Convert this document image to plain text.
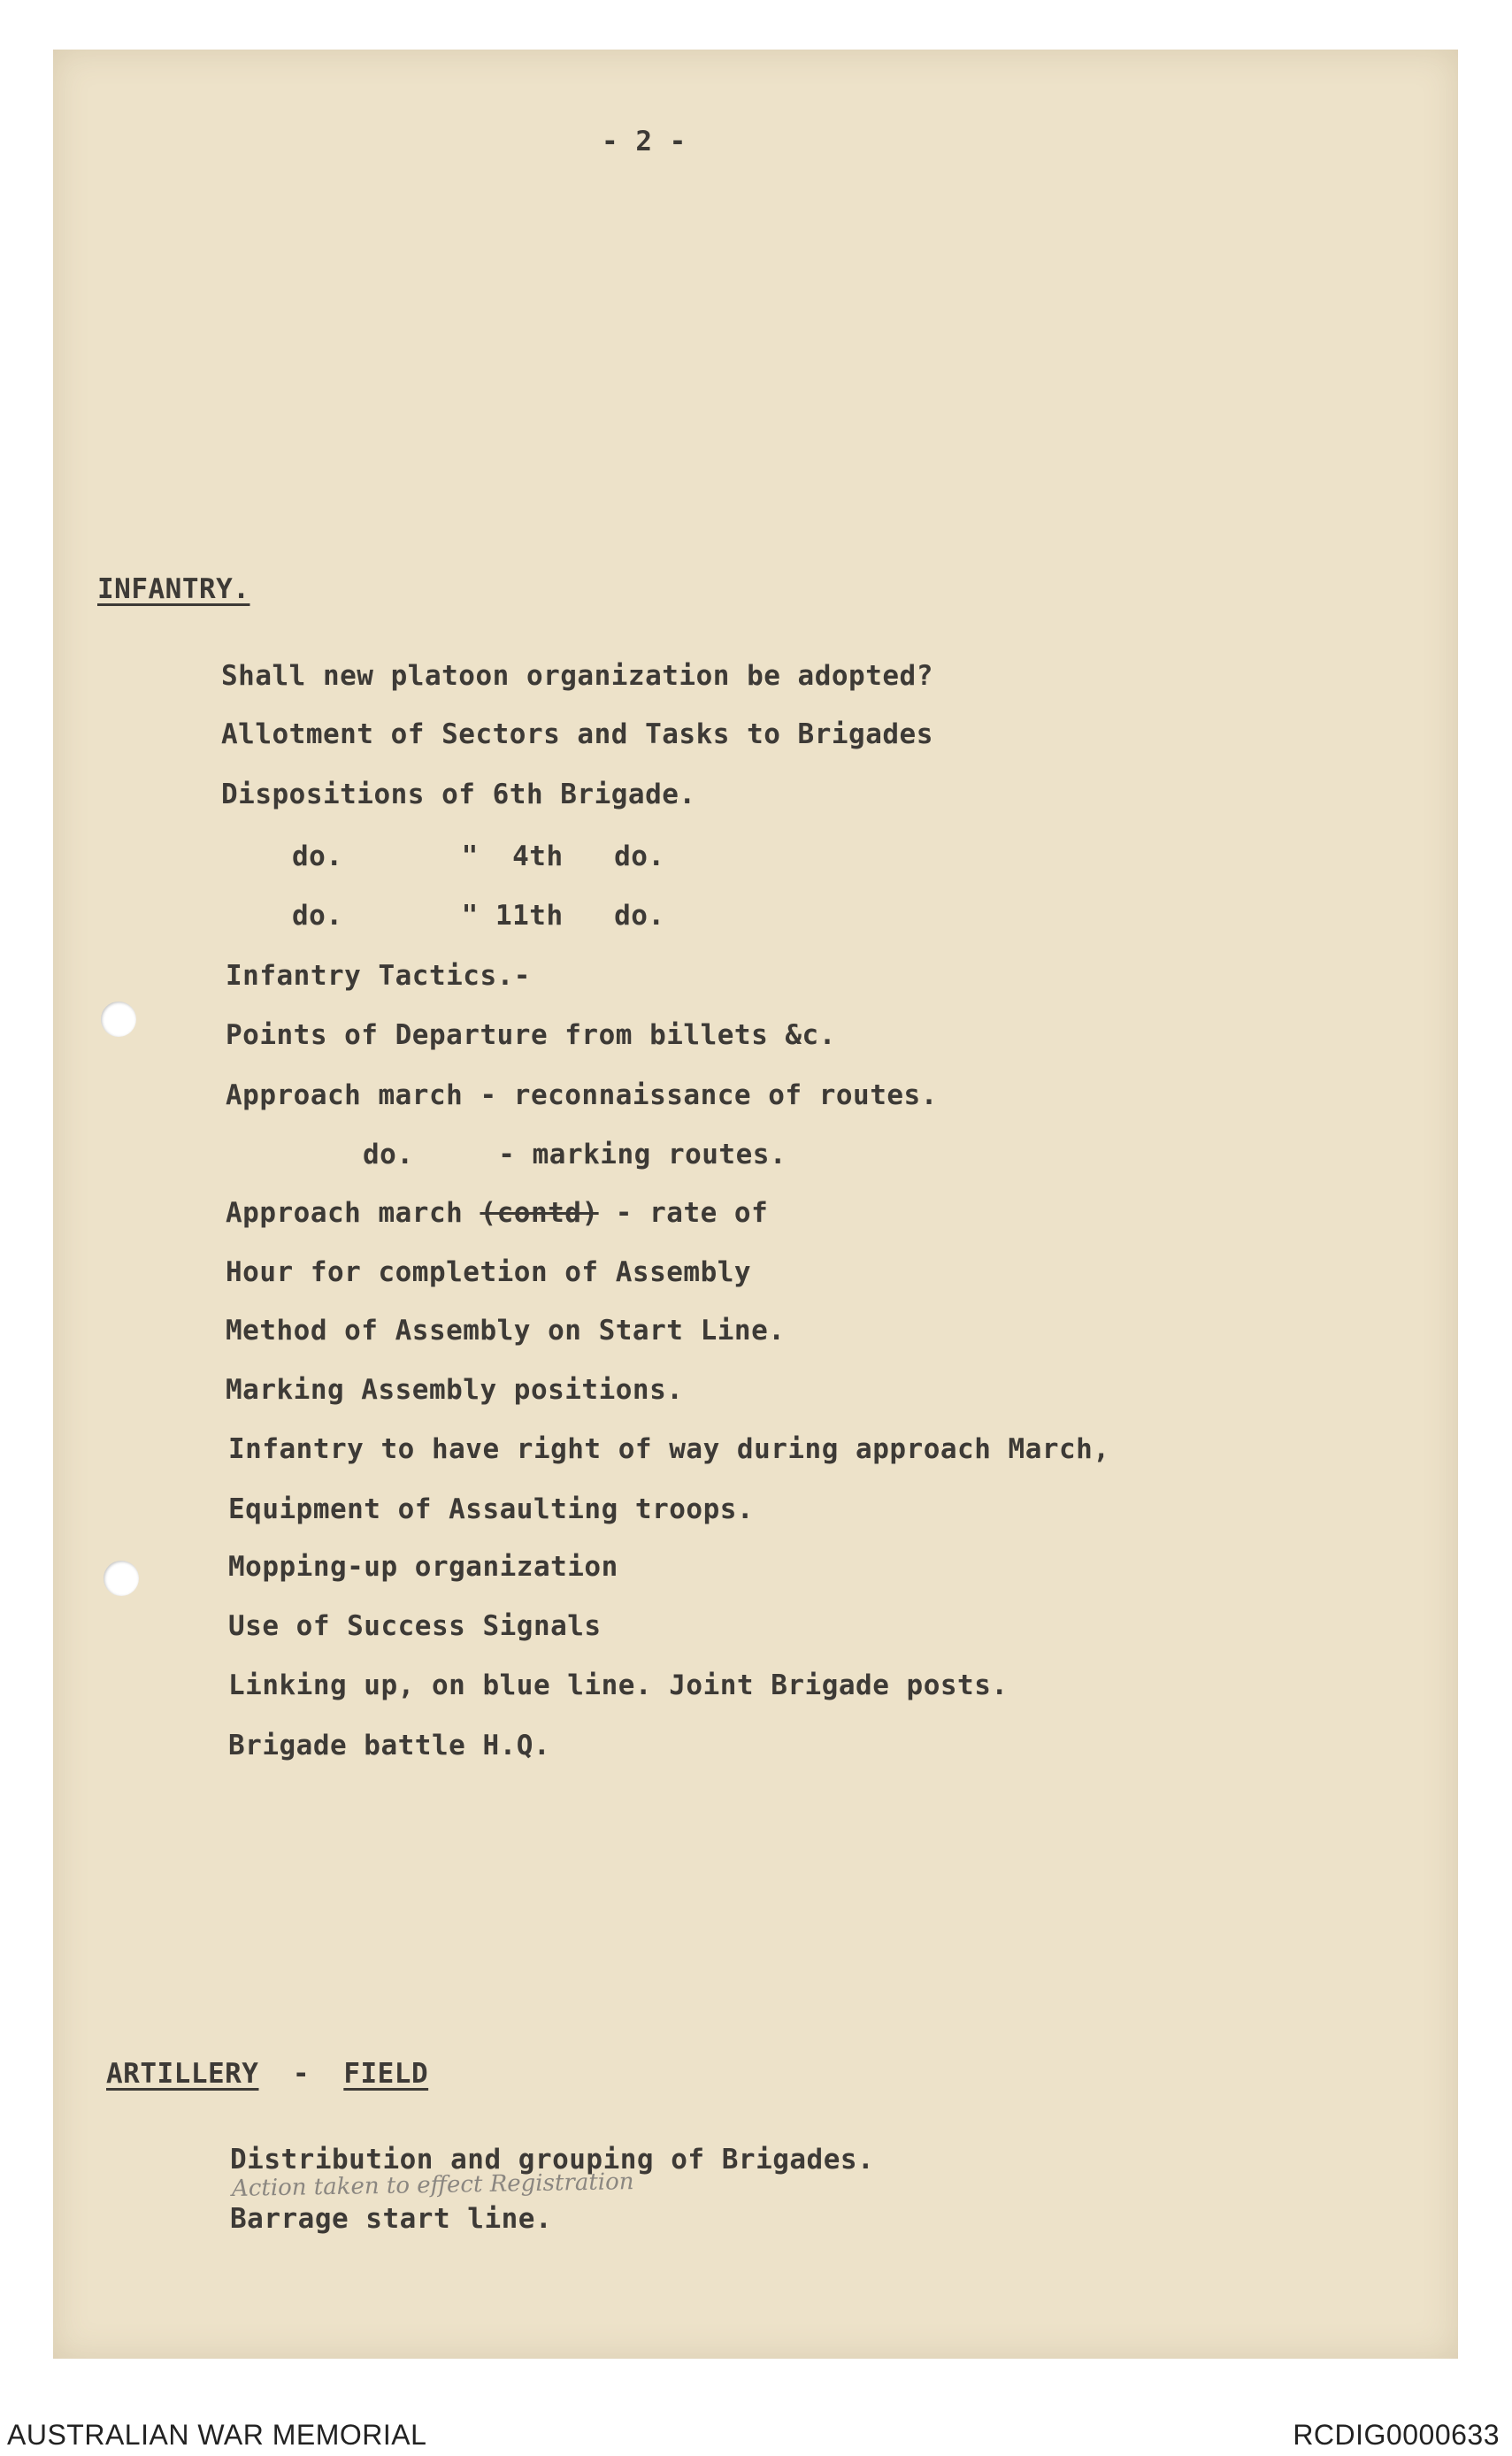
- 2 -

INFANTRY.

Shall new platoon organization be adopted?

Allotment of Sectors and Tasks to Brigades

Dispositions of 6th Brigade.

do.       "  4th   do.

do.       " 11th   do.

Infantry Tactics.-

Points of Departure from billets &c.

Approach march - reconnaissance of routes.

do.     - marking routes.

Approach march (contd) - rate of

Hour for completion of Assembly

Method of Assembly on Start Line.

Marking Assembly positions.

Infantry to have right of way during approach March,

Equipment of Assaulting troops.

Mopping-up organization

Use of Success Signals

Linking up, on blue line. Joint Brigade posts.

Brigade battle H.Q.

ARTILLERY - FIELD

Distribution and grouping of Brigades.

Action taken to effect Registration

Barrage start line.

AUSTRALIAN WAR MEMORIAL	RCDIG0000633
